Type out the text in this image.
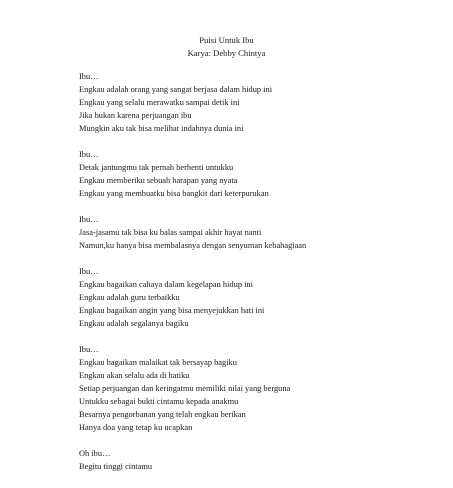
Puisi Untuk Ibu
Karya: Debby Chintya
Ibu…
Engkau adalah orang yang sangat berjasa dalam hidup ini
Engkau yang selalu merawatku sampai detik ini
Jika bukan karena perjuangan ibu
Mungkin aku tak bisa melihat indahnya dunia ini
Ibu…
Detak jantungmu tak pernah berhenti untukku
Engkau memberiku sebuah harapan yang nyata
Engkau yang membuatku bisa bangkit dari keterpurukan
Ibu…
Jasa-jasamu tak bisa ku balas sampai akhir hayat nanti
Namun,ku hanya bisa membalasnya dengan senyuman kebahagiaan
Ibu…
Engkau bagaikan cahaya dalam kegelapan hidup ini
Engkau adalah guru terbaikku
Engkau bagaikan angin yang bisa menyejukkan hati ini
Engkau adalah segalanya bagiku
Ibu…
Engkau bagaikan malaikat tak bersayap bagiku
Engkau akan selalu ada di hatiku
Setiap perjuangan dan keringatmu memiliki nilai yang berguna
Untukku sebagai bukti cintamu kepada anakmu
Besarnya pengorbanan yang telah engkau berikan
Hanya doa yang tetap ku ucapkan
Oh ibu…
Begitu tinggi cintamu
